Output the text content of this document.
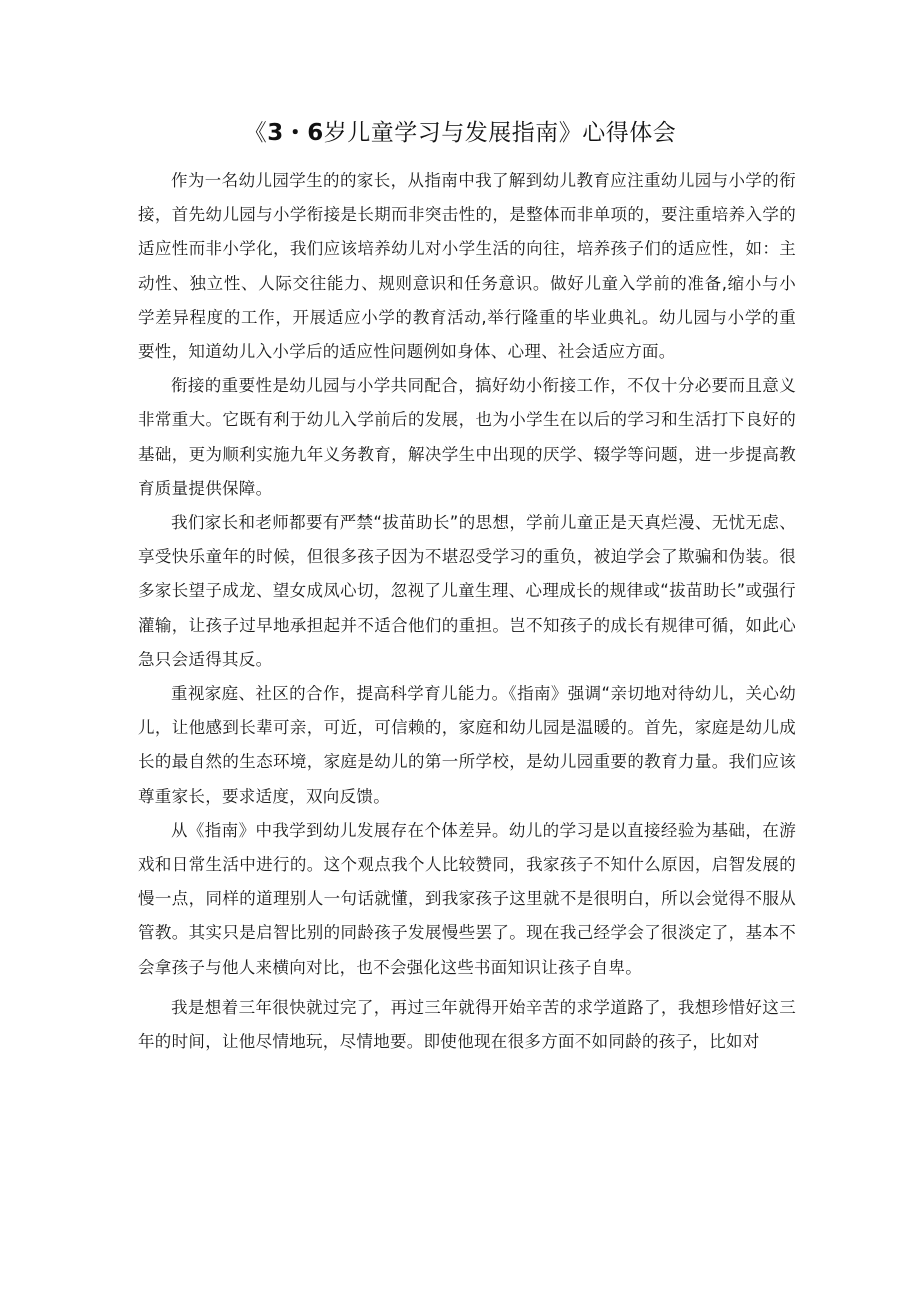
《3・6岁儿童学习与发展指南》心得体会

作为一名幼儿园学生的的家长，从指南中我了解到幼儿教育应注重幼儿园与小学的衔接，首先幼儿园与小学衔接是长期而非突击性的，是整体而非单项的，要注重培养入学的适应性而非小学化，我们应该培养幼儿对小学生活的向往，培养孩子们的适应性，如：主动性、独立性、人际交往能力、规则意识和任务意识。做好儿童入学前的准备,缩小与小学差异程度的工作，开展适应小学的教育活动,举行隆重的毕业典礼。幼儿园与小学的重要性，知道幼儿入小学后的适应性问题例如身体、心理、社会适应方面。

衔接的重要性是幼儿园与小学共同配合，搞好幼小衔接工作，不仅十分必要而且意义非常重大。它既有利于幼儿入学前后的发展，也为小学生在以后的学习和生活打下良好的基础，更为顺利实施九年义务教育，解决学生中出现的厌学、辍学等问题，进一步提高教育质量提供保障。

我们家长和老师都要有严禁“拔苗助长”的思想，学前儿童正是天真烂漫、无忧无虑、享受快乐童年的时候，但很多孩子因为不堪忍受学习的重负，被迫学会了欺骗和伪装。很多家长望子成龙、望女成凤心切，忽视了儿童生理、心理成长的规律或“拔苗助长”或强行灌输，让孩子过早地承担起并不适合他们的重担。岂不知孩子的成长有规律可循，如此心急只会适得其反。

重视家庭、社区的合作，提高科学育儿能力。《指南》强调“亲切地对待幼儿，关心幼儿，让他感到长辈可亲，可近，可信赖的，家庭和幼儿园是温暖的。首先，家庭是幼儿成长的最自然的生态环境，家庭是幼儿的第一所学校，是幼儿园重要的教育力量。我们应该尊重家长，要求适度，双向反馈。

从《指南》中我学到幼儿发展存在个体差异。幼儿的学习是以直接经验为基础，在游戏和日常生活中进行的。这个观点我个人比较赞同，我家孩子不知什么原因，启智发展的慢一点，同样的道理别人一句话就懂，到我家孩子这里就不是很明白，所以会觉得不服从管教。其实只是启智比别的同龄孩子发展慢些罢了。现在我己经学会了很淡定了，基本不会拿孩子与他人来横向对比，也不会强化这些书面知识让孩子自卑。

我是想着三年很快就过完了，再过三年就得开始辛苦的求学道路了，我想珍惜好这三年的时间，让他尽情地玩，尽情地要。即使他现在很多方面不如同龄的孩子，比如对
